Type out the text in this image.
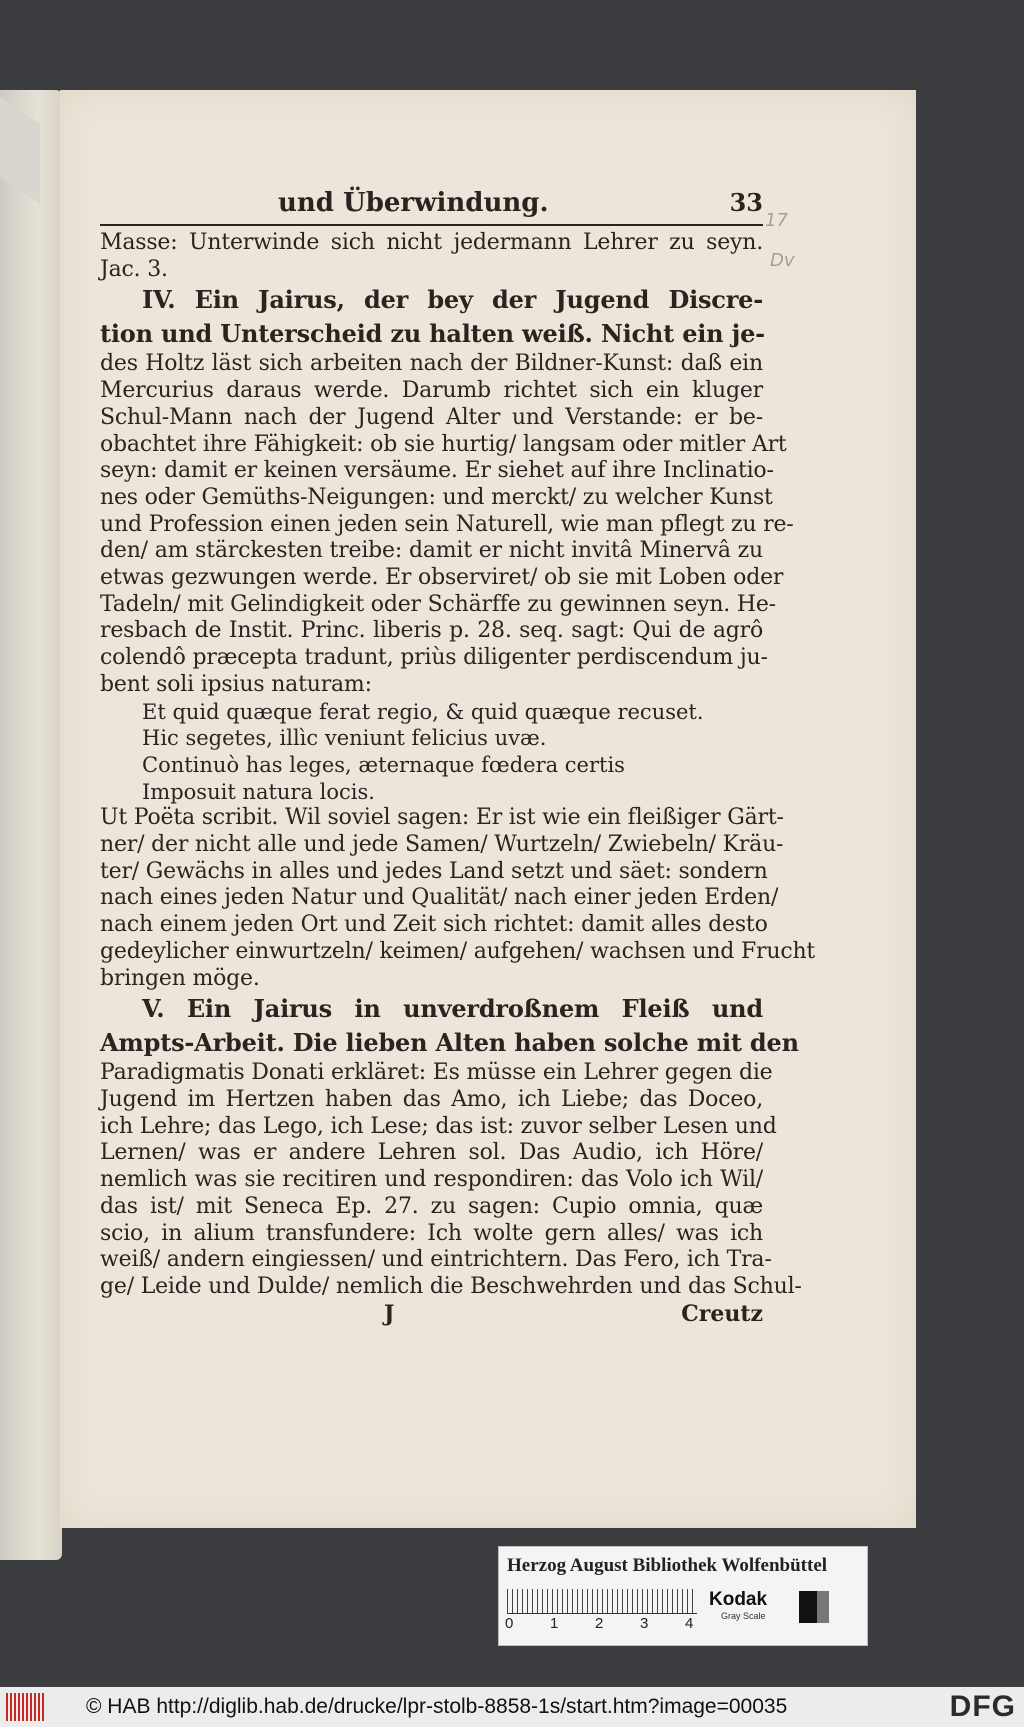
und Überwindung.	33
Masse: Unterwinde sich nicht jedermann Lehrer zu seyn.
Jac. 3.
IV. Ein Jairus, der bey der Jugend Discre-
tion und Unterscheid zu halten weiß. Nicht ein je-
des Holtz läst sich arbeiten nach der Bildner-Kunst: daß ein
Mercurius daraus werde. Darumb richtet sich ein kluger
Schul-Mann nach der Jugend Alter und Verstande: er be-
obachtet ihre Fähigkeit: ob sie hurtig/ langsam oder mitler Art
seyn: damit er keinen versäume. Er siehet auf ihre Inclinatio-
nes oder Gemüths-Neigungen: und merckt/ zu welcher Kunst
und Profession einen jeden sein Naturell, wie man pflegt zu re-
den/ am stärckesten treibe: damit er nicht invitâ Minervâ zu
etwas gezwungen werde. Er observiret/ ob sie mit Loben oder
Tadeln/ mit Gelindigkeit oder Schärffe zu gewinnen seyn. He-
resbach de Instit. Princ. liberis p. 28. seq. sagt: Qui de agrô
colendô præcepta tradunt, priùs diligenter perdiscendum ju-
bent soli ipsius naturam:
Et quid quæque ferat regio, & quid quæque recuset.
Hic segetes, illìc veniunt felicius uvæ.
Continuò has leges, æternaque fœdera certis
Imposuit natura locis.
Ut Poëta scribit. Wil soviel sagen: Er ist wie ein fleißiger Gärt-
ner/ der nicht alle und jede Samen/ Wurtzeln/ Zwiebeln/ Kräu-
ter/ Gewächs in alles und jedes Land setzt und säet: sondern
nach eines jeden Natur und Qualität/ nach einer jeden Erden/
nach einem jeden Ort und Zeit sich richtet: damit alles desto
gedeylicher einwurtzeln/ keimen/ aufgehen/ wachsen und Frucht
bringen möge.
V. Ein Jairus in unverdroßnem Fleiß und
Ampts-Arbeit. Die lieben Alten haben solche mit den
Paradigmatis Donati erkläret: Es müsse ein Lehrer gegen die
Jugend im Hertzen haben das Amo, ich Liebe; das Doceo,
ich Lehre; das Lego, ich Lese; das ist: zuvor selber Lesen und
Lernen/ was er andere Lehren sol. Das Audio, ich Höre/
nemlich was sie recitiren und respondiren: das Volo ich Wil/
das ist/ mit Seneca Ep. 27. zu sagen: Cupio omnia, quæ
scio, in alium transfundere: Ich wolte gern alles/ was ich
weiß/ andern eingiessen/ und eintrichtern. Das Fero, ich Tra-
ge/ Leide und Dulde/ nemlich die Beschwehrden und das Schul-
J	Creutz
17
Dv
Herzog August Bibliothek Wolfenbüttel
0 1 2 3 4
Kodak
Gray Scale
© HAB http://diglib.hab.de/drucke/lpr-stolb-8858-1s/start.htm?image=00035	DFG
